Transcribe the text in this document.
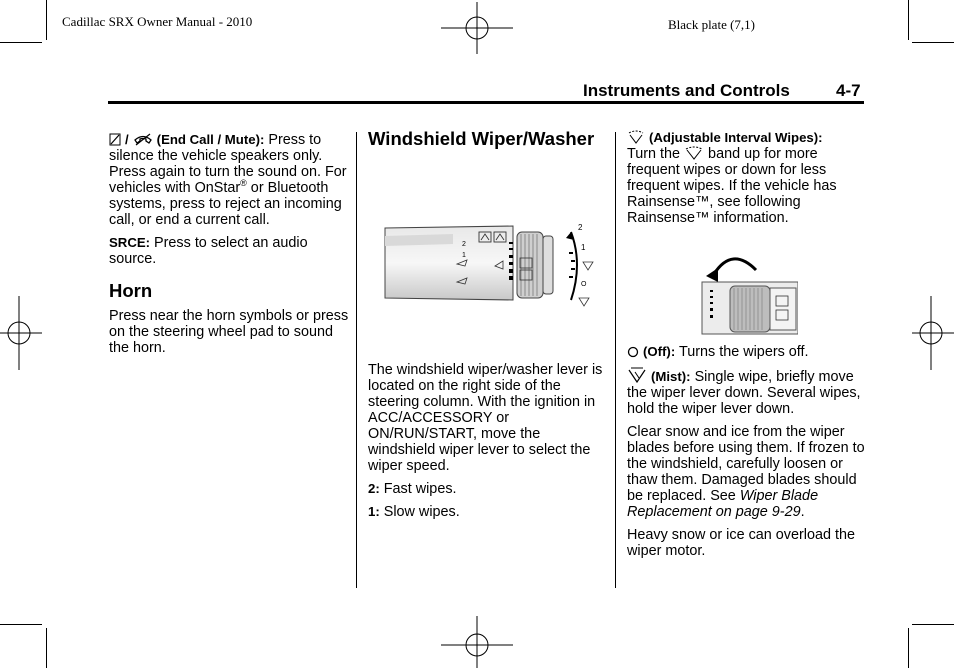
Cadillac SRX Owner Manual - 2010	Black plate (7,1)
Instruments and Controls	4-7

/ (End Call / Mute): Press to silence the vehicle speakers only. Press again to turn the sound on. For vehicles with OnStar® or Bluetooth systems, press to reject an incoming call, or end a current call.

SRCE: Press to select an audio source.

Horn

Press near the horn symbols or press on the steering wheel pad to sound the horn.

Windshield Wiper/Washer
2
1
2
1
O

The windshield wiper/washer lever is located on the right side of the steering column. With the ignition in ACC/ACCESSORY or ON/RUN/START, move the windshield wiper lever to select the wiper speed.

2: Fast wipes.

1: Slow wipes.

(Adjustable Interval Wipes):
Turn the  band up for more frequent wipes or down for less frequent wipes. If the vehicle has Rainsense™, see following Rainsense™ information.

(Off): Turns the wipers off.

(Mist): Single wipe, briefly move the wiper lever down. Several wipes, hold the wiper lever down.

Clear snow and ice from the wiper blades before using them. If frozen to the windshield, carefully loosen or thaw them. Damaged blades should be replaced. See Wiper Blade Replacement on page 9-29.

Heavy snow or ice can overload the wiper motor.
